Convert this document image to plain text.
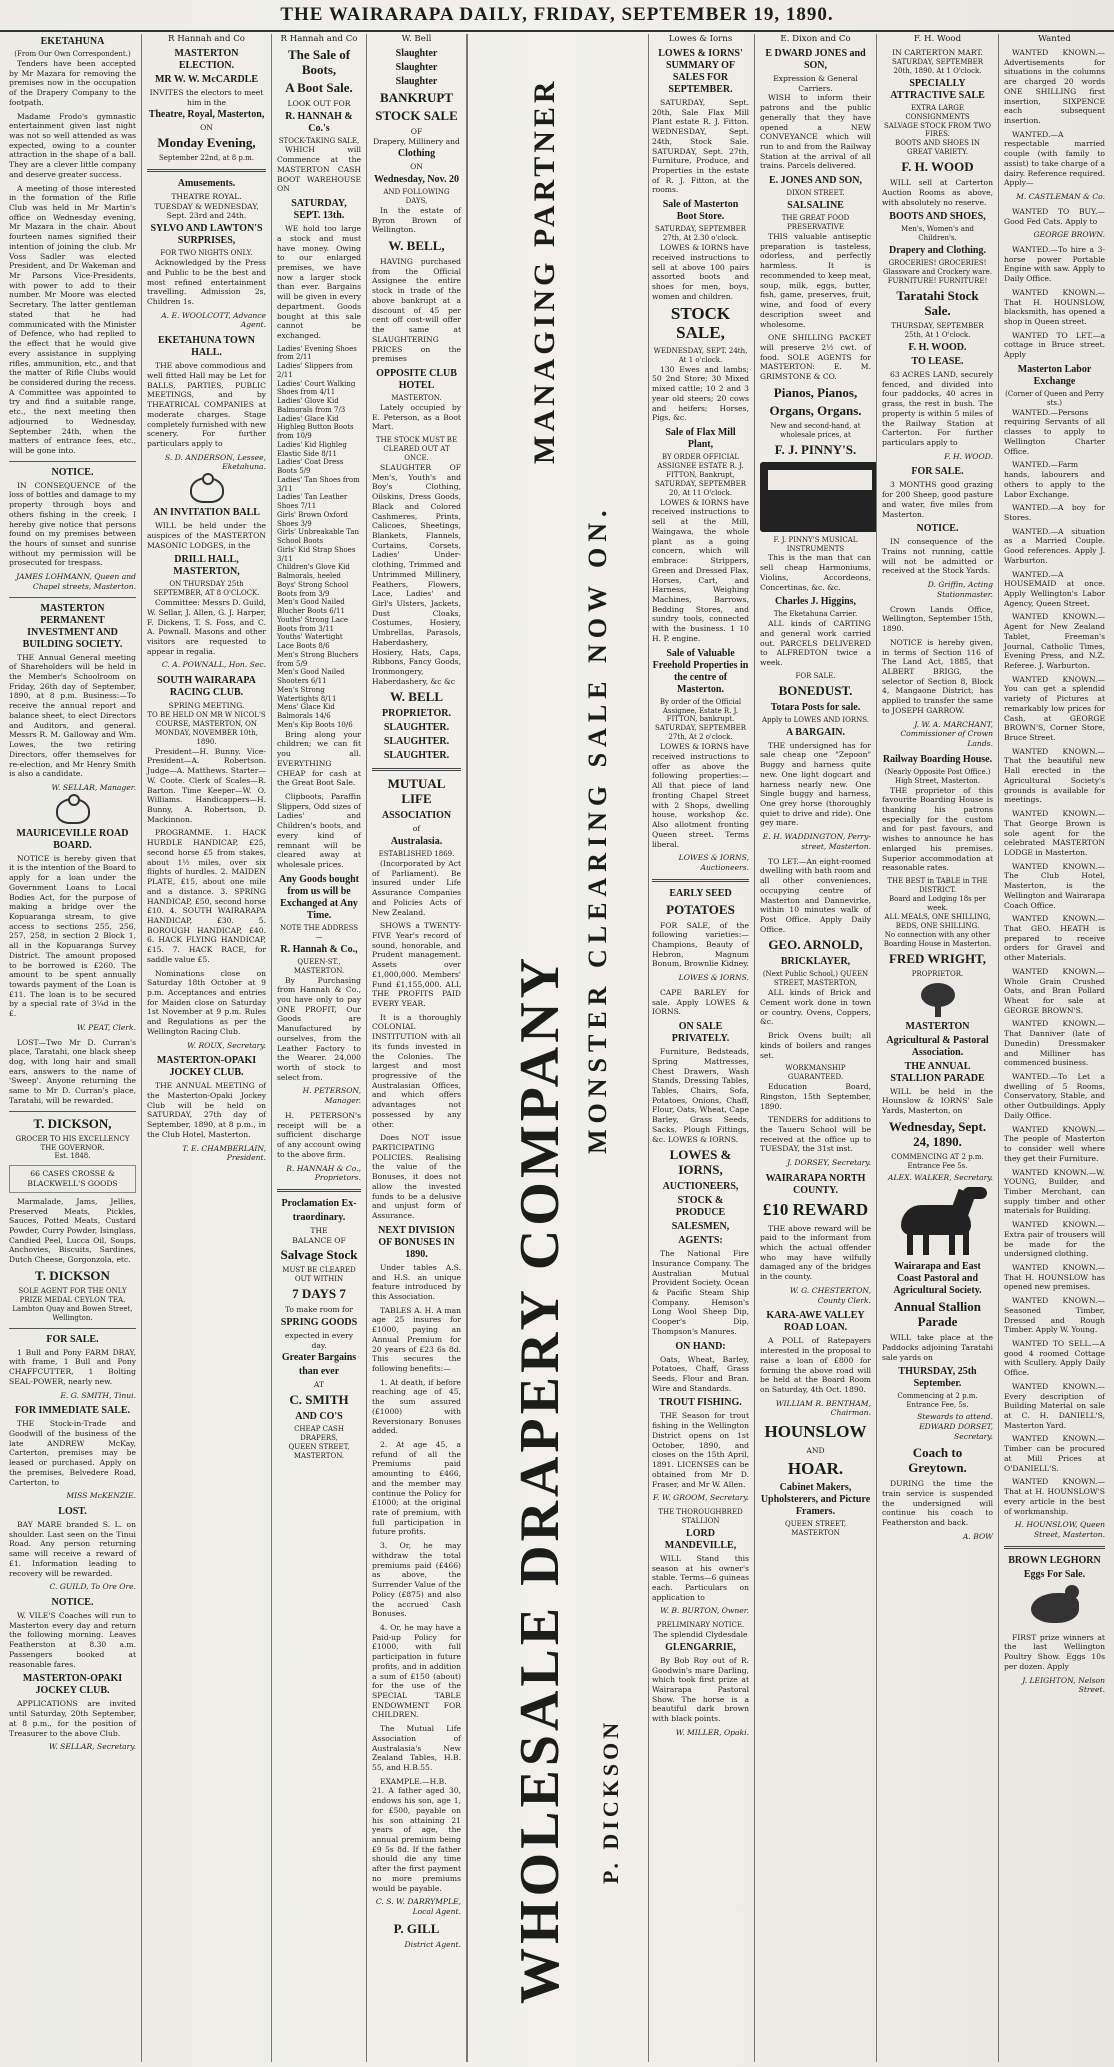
THE WAIRARAPA DAILY, FRIDAY, SEPTEMBER 19, 1890.
EKETAHUNA
(From Our Own Correspondent.)

Tenders have been accepted by Mr Mazara for removing the premises now in the occupation of the Drapery Company to the footpath.

Madame Frodo's gymnastic entertainment given last night was not so well attended as was expected, owing to a counter attraction in the shape of a ball. They are a clever little company and deserve greater success.

A meeting of those interested in the formation of the Rifle Club was held in Mr Martin's office on Wednesday evening, Mr Mazara in the chair. About fourteen names signified their intention of joining the club. Mr Voss Sadler was elected President, and Dr Wakeman and Mr Parsons Vice-Presidents, with power to add to their number. Mr Moore was elected Secretary. The latter gentleman stated that he had communicated with the Minister of Defence, who had replied to the effect that he would give every assistance in supplying rifles, ammunition, etc., and that the matter of Rifle Clubs would be considered during the recess. A Committee was appointed to try and find a suitable range, etc., the next meeting then adjourned to Wednesday, September 24th, when the matters of entrance fees, etc., will be gone into.

NOTICE.

IN CONSEQUENCE of the loss of bottles and damage to my property through boys and others fishing in the creek, I hereby give notice that persons found on my premises between the hours of sunset and sunrise without my permission will be prosecuted for trespass.

JAMES LOHMANN, Queen and Chapel streets, Masterton.
MASTERTON PERMANENT INVESTMENT AND BUILDING SOCIETY.

THE Annual General meeting of Shareholders will be held in the Member's Schoolroom on Friday, 26th day of September, 1890, at 8 p.m. Business:—To receive the annual report and balance sheet, to elect Directors and Auditors, and general. Messrs R. M. Galloway and Wm. Lowes, the two retiring Directors, offer themselves for re-election, and Mr Henry Smith is also a candidate.

W. SELLAR, Manager.
MAURICEVILLE ROAD BOARD.

NOTICE is hereby given that it is the intention of the Board to apply for a loan under the Government Loans to Local Bodies Act, for the purpose of making a bridge over the Kopuaranga stream, to give access to sections 255, 256, 257, 258, in section 2 Block 1, all in the Kopuaranga Survey District. The amount proposed to be borrowed is £260. The amount to be spent annually towards payment of the Loan is £11. The loan is to be secured by a special rate of 3¼d in the £.

W. PEAT, Clerk.

LOST—Two Mr D. Curran's place, Taratahi, one black sheep dog, with long hair and small ears, answers to the name of 'Sweep'. Anyone returning the same to Mr D. Curran's place, Taratahi, will be rewarded.

T. DICKSON,
GROCER TO HIS EXCELLENCY THE GOVERNOR.
Est. 1848.
66 CASES CROSSE & BLACKWELL'S GOODS

Marmalade, Jams, Jellies, Preserved Meats, Pickles, Sauces, Potted Meats, Custard Powder, Curry Powder, Isinglass, Candied Peel, Lucca Oil, Soups, Anchovies, Biscuits, Sardines, Dutch Cheese, Gorgonzola, etc.

T. DICKSON
SOLE AGENT FOR THE ONLY PRIZE MEDAL CEYLON TEA.
Lambton Quay and Bowen Street, Wellington.
FOR SALE.

1 Bull and Pony FARM DRAY, with frame, 1 Bull and Pony CHAFFCUTTER, 1 Bolting SEAL-POWER, nearly new.

E. G. SMITH, Tinui.
FOR IMMEDIATE SALE.

THE Stock-in-Trade and Goodwill of the business of the late ANDREW McKay, Carterton, premises may be leased or purchased. Apply on the premises, Belvedere Road, Carterton, to

MISS McKENZIE.
LOST.

BAY MARE branded S. L. on shoulder. Last seen on the Tinui Road. Any person returning same will receive a reward of £1. Information leading to recovery will be rewarded.

C. GUILD, To Ore Ore.
NOTICE.

W. VILE'S Coaches will run to Masterton every day and return the following morning. Leaves Featherston at 8.30 a.m. Passengers booked at reasonable fares.

MASTERTON-OPAKI JOCKEY CLUB.

APPLICATIONS are invited until Saturday, 20th September, at 8 p.m., for the position of Treasurer to the above Club.

W. SELLAR, Secretary.
R Hannah and Co
MASTERTON ELECTION.
MR W. W. McCARDLE
INVITES the electors to meet him in the
Theatre, Royal, Masterton,
ON
Monday Evening,
September 22nd, at 8 p.m.
Amusements.
THEATRE ROYAL.
TUESDAY & WEDNESDAY, Sept. 23rd and 24th.
SYLVO AND LAWTON'S SURPRISES,
FOR TWO NIGHTS ONLY.

Acknowledged by the Press and Public to be the best and most refined entertainment travelling. Admission 2s, Children 1s.

A. E. WOOLCOTT, Advance Agent.
EKETAHUNA TOWN HALL.

THE above commodious and well fitted Hall may be Let for BALLS, PARTIES, PUBLIC MEETINGS, and by THEATRICAL COMPANIES at moderate charges. Stage completely furnished with new scenery. For further particulars apply to

S. D. ANDERSON, Lessee, Eketahuna.
AN INVITATION BALL

WILL be held under the auspices of the MASTERTON MASONIC LODGES, in the

DRILL HALL, MASTERTON,
ON THURSDAY 25th SEPTEMBER, AT 8 O'CLOCK.

Committee: Messrs D. Guild, W. Sellar, J. Allen, G. J. Harper, F. Dickens, T. S. Foss, and C. A. Pownall. Masons and other visitors are requested to appear in regalia.

C. A. POWNALL, Hon. Sec.
SOUTH WAIRARAPA RACING CLUB.
SPRING MEETING.
TO BE HELD ON MR W NICOL'S COURSE, MASTERTON, ON MONDAY, NOVEMBER 10th, 1890.

President—H. Bunny. Vice-President—A. Robertson. Judge—A. Matthews. Starter—W. Coote. Clerk of Scales—R. Barton. Time Keeper—W. O. Williams. Handicappers—H. Bunny, A. Robertson, D. Mackinnon.

PROGRAMME. 1. HACK HURDLE HANDICAP, £25, second horse £5 from stakes, about 1½ miles, over six flights of hurdles. 2. MAIDEN PLATE, £15, about one mile and a distance. 3. SPRING HANDICAP, £50, second horse £10. 4. SOUTH WAIRARAPA HANDICAP, £30. 5. BOROUGH HANDICAP, £40. 6. HACK FLYING HANDICAP, £15. 7. HACK RACE, for saddle value £5.

Nominations close on Saturday 18th October at 9 p.m. Acceptances and entries for Maiden close on Saturday 1st November at 9 p.m. Rules and Regulations as per the Wellington Racing Club.

W. ROUX, Secretary.
MASTERTON-OPAKI JOCKEY CLUB.

THE ANNUAL MEETING of the Masterton-Opaki Jockey Club will be held on SATURDAY, 27th day of September, 1890, at 8 p.m., in the Club Hotel, Masterton.

T. E. CHAMBERLAIN, President.
R Hannah and Co
The Sale of Boots,
A Boot Sale.
LOOK OUT FOR
R. HANNAH & Co.'s
STOCK-TAKING SALE,

WHICH will Commence at the MASTERTON CASH BOOT WAREHOUSE ON

SATURDAY, SEPT. 13th.

WE hold too large a stock and must have money. Owing to our enlarged premises, we have now a larger stock than ever. Bargains will be given in every department. Goods bought at this sale cannot be exchanged.

Ladies' Evening Shoes from 2/11
Ladies' Slippers from 2/11
Ladies' Court Walking Shoes from 4/11
Ladies' Glove Kid Balmorals from 7/3
Ladies' Glace Kid Highleg Button Boots from 10/9
Ladies' Kid Highleg Elastic Side 8/11
Ladies' Coat Dress Boots 5/9
Ladies' Tan Shoes from 3/11
Ladies' Tan Leather Shoes 7/11
Girls' Brown Oxford Shoes 3/9
Girls' Unbreakable Tan School Boots
Girls' Kid Strap Shoes 3/11
Children's Glove Kid Balmorals, heeled
Boys' Strong School Boots from 3/9
Men's Good Nailed Blucher Boots 6/11
Youths' Strong Lace Boots from 3/11
Youths' Watertight Lace Boots 8/6
Men's Strong Bluchers from 5/9
Men's Good Nailed Shooters 6/11
Men's Strong Watertights 8/11
Mens' Glace Kid Balmorals 14/6
Men's Kip Boots 10/6

Bring along your children; we can fit you all. EVERYTHING CHEAP for cash at the Great Boot Sale.

Clipboots, Paraffin Slippers, Odd sizes of Ladies' and Children's boots, and every kind of remnant will be cleared away at wholesale prices.

Any Goods bought from us will be Exchanged at Any Time.
NOTE THE ADDRESS—
R. Hannah & Co.,
QUEEN-ST., MASTERTON.

By Purchasing from Hannah & Co., you have only to pay ONE PROFIT, Our Goods are Manufactured by ourselves, from the Leather Factory to the Wearer. 24,000 worth of stock to select from.

H. PETERSON, Manager.

H. PETERSON's receipt will be a sufficient discharge of any account owing to the above firm.

R. HANNAH & Co., Proprietors.
Proclamation Ex-
traordinary.
THE
BALANCE OF
Salvage Stock
MUST BE CLEARED OUT WITHIN
7 DAYS 7
To make room for
SPRING GOODS
expected in every day.
Greater Bargains
than ever
AT
C. SMITH
AND CO'S
CHEAP CASH DRAPERS,
QUEEN STREET,
MASTERTON.
W. Bell
Slaughter
Slaughter
Slaughter
BANKRUPT
STOCK SALE
OF
Drapery, Millinery and
Clothing
ON
Wednesday, Nov. 20
AND FOLLOWING DAYS,

In the estate of Byron Brown of Wellington.

W. BELL,

HAVING purchased from the Official Assignee the entire stock in trade of the above bankrupt at a discount of 45 per cent off cost-will offer the same at SLAUGHTERING PRICES on the premises

OPPOSITE CLUB HOTEL
MASTERTON.

Lately occupied by E. Peterson, as a Boot Mart.

THE STOCK MUST BE CLEARED OUT AT ONCE.

SLAUGHTER OF Men's, Youth's and Boy's Clothing, Oilskins, Dress Goods, Black and Colored Cashmeres, Prints, Calicoes, Sheetings, Blankets, Flannels, Curtains, Corsets, Ladies' Under-clothing, Trimmed and Untrimmed Millinery, Feathers, Flowers, Lace, Ladies' and Girl's Ulsters, Jackets, Dust Cloaks, Costumes, Hosiery, Umbrellas, Parasols, Haberdashery, Hosiery, Hats, Caps, Ribbons, Fancy Goods, Ironmongery, Haberdashery, &c &c

W. BELL
PROPRIETOR.
SLAUGHTER.
SLAUGHTER.
SLAUGHTER.
MUTUAL LIFE
ASSOCIATION
of
Australasia.
ESTABLISHED 1869.

(Incorporated by Act of Parliament). Be insured under Life Assurance Companies and Policies Acts of New Zealand.

SHOWS a TWENTY-FIVE Year's record of sound, honorable, and Prudent management. Assets over £1,000,000. Members' Fund £1,155,000. ALL THE PROFITS PAID EVERY YEAR.

It is a thoroughly COLONIAL INSTITUTION with all its funds invested in the Colonies. The largest and most progressive of the Australasian Offices, and which offers advantages not possessed by any other.

Does NOT issue PARTICIPATING POLICIES. Realising the value of the Bonuses, it does not allow the invested funds to be a delusive and unjust form of Assurance.

NEXT DIVISION OF BONUSES IN 1890.

Under tables A.S. and H.S. an unique feature introduced by this Association.

TABLES A. H. A man age 25 insures for £1000, paying an Annual Premium for 20 years of £23 6s 8d. This secures the following benefits:—

1. At death, if before reaching age of 45, the sum assured (£1000) with Reversionary Bonuses added.

2. At age 45, a refund of all the Premiums paid amounting to £466, and the member may continue the Policy for £1000; at the original rate of premium, with full participation in future profits.

3. Or, he may withdraw the total premiums paid (£466) as above, the Surrender Value of the Policy (£875) and also the accrued Cash Bonuses.

4. Or, he may have a Paid-up Policy for £1000, with full participation in future profits, and in addition a sum of £150 (about) for the use of the SPECIAL TABLE ENDOWMENT FOR CHILDREN.

The Mutual Life Association of Australasia's New Zealand Tables, H.B. 55, and H.B.55.

EXAMPLE.—H.B. 21. A father aged 30, endows his son, age 1, for £500, payable on his son attaining 21 years of age, the annual premium being £9 5s 8d. If the father should die any time after the first payment no more premiums would be payable.

C. S. W. DARRYMPLE, Local Agent.
P. GILL
District Agent.
MANAGING PARTNER
WHOLESALE DRAPERY COMPANY
MONSTER CLEARING SALE NOW ON.
P. DICKSON
Lowes & Iorns
LOWES & IORNS' SUMMARY OF SALES FOR SEPTEMBER.

SATURDAY, Sept. 20th, Sale Flax Mill Plant estate R. J. Fitton. WEDNESDAY, Sept. 24th, Stock Sale. SATURDAY, Sept. 27th, Furniture, Produce, and Properties in the estate of R. J. Fitton, at the rooms.

Sale of Masterton Boot Store.
SATURDAY, SEPTEMBER 27th, At 2.30 o'clock.

LOWES & IORNS have received instructions to sell at above 100 pairs assorted boots and shoes for men, boys, women and children.

STOCK SALE,
WEDNESDAY, SEPT. 24th, At 1 o'clock.

130 Ewes and lambs; 50 2nd Store; 30 Mixed mixed cattle; 10 2 and 3 year old steers; 20 cows and heifers; Horses, Pigs, &c.

Sale of Flax Mill Plant,
BY ORDER OFFICIAL ASSIGNEE ESTATE R. J. FITTON, Bankrupt,
SATURDAY, SEPTEMBER 20, At 11 O'clock.

LOWES & IORNS have received instructions to sell at the Mill, Waingawa, the whole plant as a going concern, which will embrace: Strippers, Green and Dressed Flax, Horses, Cart, and Harness, Weighing Machines, Barrows, Bedding Stores, and sundry tools, connected with the business. 1 10 H. P. engine.

Sale of Valuable Freehold Properties in the centre of Masterton.
By order of the Official Assignee, Estate R. J. FITTON, bankrupt.
SATURDAY, SEPTEMBER 27th, At 2 o'clock.

LOWES & IORNS have received instructions to offer as above the following properties:—All that piece of land fronting Chapel Street with 2 Shops, dwelling house, workshop &c. Also allotment fronting Queen street. Terms liberal.

LOWES & IORNS, Auctioneers.
EARLY SEED
POTATOES

FOR SALE, of the following varieties:— Champions, Beauty of Hebron, Magnum Bonum, Brownlie Kidney.

LOWES & IORNS.

CAPE BARLEY for sale. Apply LOWES & IORNS.

ON SALE PRIVATELY.

Furniture, Bedsteads, Spring Mattresses, Chest Drawers, Wash Stands, Dressing Tables, Tables, Chairs, Sofa, Potatoes, Onions, Chaff, Flour, Oats, Wheat, Cape Barley, Grass Seeds, Sacks, Plough Fittings, &c. LOWES & IORNS.

LOWES & IORNS,
AUCTIONEERS,
STOCK & PRODUCE
SALESMEN,
AGENTS:

The National Fire Insurance Company. The Australian Mutual Provident Society. Ocean & Pacific Steam Ship Company. Hemson's Long Wool Sheep Dip, Cooper's Dip, Thompson's Manures.

ON HAND:

Oats, Wheat, Barley, Potatoes, Chaff, Grass Seeds, Flour and Bran. Wire and Standards.

TROUT FISHING.

THE Season for trout fishing in the Wellington District opens on 1st October, 1890, and closes on the 15th April, 1891. LICENSES can be obtained from Mr D. Fraser, and Mr W. Allen.

F. W. GROOM, Secretary.
THE THOROUGHBRED STALLION
LORD MANDEVILLE,

WILL Stand this season at his owner's stable. Terms—6 guineas each. Particulars on application to

W. B. BURTON, Owner.
PRELIMINARY NOTICE.
The splendid Clydesdale
GLENGARRIE,

By Bob Roy out of R. Goodwin's mare Darling, which took first prize at Wairarapa Pastoral Show. The horse is a beautiful dark brown with black points.

W. MILLER, Opaki.
E. Dixon and Co
E DWARD JONES and SON,
Expression & General Carriers.

WISH to inform their patrons and the public generally that they have opened a NEW CONVEYANCE which will run to and from the Railway Station at the arrival of all trains. Parcels delivered.

E. JONES AND SON,
DIXON STREET.
SALSALINE
THE GREAT FOOD PRESERVATIVE

THIS valuable antiseptic preparation is tasteless, odorless, and perfectly harmless. It is recommended to keep meat, soup, milk, eggs, butter, fish, game, preserves, fruit, wine, and food of every description sweet and wholesome.

ONE SHILLING PACKET will preserve 2½ cwt. of food. SOLE AGENTS for MASTERTON: E. M. GRIMSTONE & CO.

Pianos, Pianos,
Organs, Organs.
New and second-hand, at wholesale prices, at
F. J. PINNY'S.
F. J. PINNY'S MUSICAL INSTRUMENTS

This is the man that can sell cheap Harmoniums, Violins, Accordeons, Concertinas, &c. &c.

Charles J. Higgins,
The Eketahuna Carrier.

ALL kinds of CARTING and general work carried out. PARCELS DELIVERED to ALFREDTON twice a week.

FOR SALE.
BONEDUST.
Totara Posts for sale.
Apply to LOWES AND IORNS.
A BARGAIN.

THE undersigned has for sale cheap one "Zepoon" Buggy and harness quite new. One light dogcart and harness nearly new. One Single buggy and harness, One grey horse (thoroughly quiet to drive and ride). One gey mare.

E. H. WADDINGTON, Perry-street, Masterton.

TO LET.—An eight-roomed dwelling with bath room and all other conveniences, occupying centre of Masterton and Dannevirke, within 10 minutes walk of Post Office. Apply Daily Office.

GEO. ARNOLD,
BRICKLAYER,
(Next Public School,) QUEEN STREET, MASTERTON,

ALL kinds of Brick and Cement work done in town or country. Ovens, Coppers, &c.

Brick Ovens built; all kinds of boilers and ranges set.

WORKMANSHIP GUARANTEED.

Education Board, Ringston, 15th September, 1890.

TENDERS for additions to the Taueru School will be received at the office up to TUESDAY, the 31st inst.

J. DORSEY, Secretary.
WAIRARAPA NORTH COUNTY.
£10 REWARD

THE above reward will be paid to the informant from which the actual offender who may have wilfully damaged any of the bridges in the county.

W. G. CHESTERTON, County Clerk.
KARA-AWE VALLEY ROAD LOAN.

A POLL of Ratepayers interested in the proposal to raise a loan of £800 for forming the above road will be held at the Board Room on Saturday, 4th Oct. 1890.

WILLIAM R. BENTHAM, Chairman.
HOUNSLOW
AND
HOAR.
Cabinet Makers, Upholsterers, and Picture Framers.
QUEEN STREET, MASTERTON
F. H. Wood
IN CARTERTON MART.
SATURDAY, SEPTEMBER 20th, 1890. At 1 O'clock.
SPECIALLY ATTRACTIVE SALE
EXTRA LARGE CONSIGNMENTS
SALVAGE STOCK FROM TWO FIRES.
BOOTS AND SHOES IN GREAT VARIETY.
F. H. WOOD

WILL sell at Carterton Auction Rooms as above, with absolutely no reserve.

BOOTS AND SHOES,
Men's, Women's and Children's.
Drapery and Clothing.
GROCERIES! GROCERIES!
Glassware and Crockery ware.
FURNITURE! FURNITURE!
Taratahi Stock Sale.
THURSDAY, SEPTEMBER 25th, At 1 O'clock.
F. H. WOOD.
TO LEASE.

63 ACRES LAND, securely fenced, and divided into four paddocks, 40 acres in grass, the rest in bush. The property is within 5 miles of the Railway Station at Carterton. For further particulars apply to

F. H. WOOD.
FOR SALE.

3 MONTHS good grazing for 200 Sheep, good pasture and water, five miles from Masterton.

NOTICE.

IN consequence of the Trains not running, cattle will not be admitted or received at the Stock Yards.

D. Griffin, Acting Stationmaster.

Crown Lands Office, Wellington, September 15th, 1890.

NOTICE is hereby given, in terms of Section 116 of The Land Act, 1885, that ALBERT BRIGG, the selector of Section 8, Block 4, Mangaone District, has applied to transfer the same to JOSEPH GARROW.

J. W. A. MARCHANT, Commissioner of Crown Lands.
Railway Boarding House.
(Nearly Opposite Post Office.)
High Street, Masterton.

THE proprietor of this favourite Boarding House is thanking his patrons especially for the custom and for past favours, and wishes to announce he has enlarged his premises. Superior accommodation at reasonable rates.

THE BEST in TABLE in THE DISTRICT.
Board and Lodging 18s per week.
ALL MEALS, ONE SHILLING, BEDS, ONE SHILLING.
No connection with any other Boarding House in Masterton.
FRED WRIGHT,
PROPRIETOR.
MASTERTON
Agricultural & Pastoral Association.
THE ANNUAL STALLION PARADE

WILL be held in the Hounslow & IORNS' Sale Yards, Masterton, on

Wednesday, Sept. 24, 1890.
COMMENCING AT 2 p.m. Entrance Fee 5s.
ALEX. WALKER, Secretary.
Wairarapa and East Coast Pastoral and Agricultural Society.
Annual Stallion Parade

WILL take place at the Paddocks adjoining Taratahi sale yards on

THURSDAY, 25th September.
Commencing at 2 p.m. Entrance Fee, 5s.
Stewards to attend. EDWARD DORSET, Secretary.
Coach to Greytown.

DURING the time the train service is suspended the undersigned will continue his coach to Featherston and back.

A. BOW
Wanted

WANTED KNOWN.—Advertisements for situations in the columns are charged 20 words ONE SHILLING first insertion, SIXPENCE each subsequent insertion.

WANTED.—A respectable married couple (with family to assist) to take charge of a dairy. Reference required. Apply—

M. CASTLEMAN & Co.

WANTED TO BUY.—Good Fed Cats. Apply to

GEORGE BROWN.

WANTED.—To hire a 3-horse power Portable Engine with saw. Apply to Daily Office.

WANTED KNOWN.—That H. HOUNSLOW, blacksmith, has opened a shop in Queen street.

WANTED TO LET.—a cottage in Bruce street. Apply

Masterton Labor Exchange
(Corner of Queen and Perry sts.)

WANTED.—Persons requiring Servants of all classes to apply to Wellington Charter Office.

WANTED.—Farm hands, labourers and others to apply to the Labor Exchange.

WANTED.—A boy for Stores.

WANTED.—A situation as a Married Couple. Good references. Apply J. Warburton.

WANTED.—A HOUSEMAID at once. Apply Wellington's Labor Agency, Queen Street.

WANTED KNOWN.—Agent for New Zealand Tablet, Freeman's Journal, Catholic Times, Evening Press, and N.Z. Referee. J. Warburton.

WANTED KNOWN.—You can get a splendid variety of Pictures at remarkably low prices for Cash, at GEORGE BROWN'S, Corner Store, Bruce Street.

WANTED KNOWN.—That the beautiful new Hall erected in the Agricultural Society's grounds is available for meetings.

WANTED KNOWN.—That George Brown is sole agent for the celebrated MASTERTON LODGE in Masterton.

WANTED KNOWN.—The Club Hotel, Masterton, is the Wellington and Wairarapa Coach Office.

WANTED KNOWN.—That GEO. HEATH is prepared to receive orders for Gravel and other Materials.

WANTED KNOWN.—Whole Grain Crushed Oats, and Bran Pollard Wheat for sale at GEORGE BROWN'S.

WANTED KNOWN.—That Danniver (late of Dunedin) Dressmaker and Milliner has commenced business.

WANTED.—To Let a dwelling of 5 Rooms, Conservatory, Stable, and other Outbuildings. Apply Daily Office.

WANTED KNOWN.—The people of Masterton to consider well where they get their Furniture.

WANTED KNOWN.—W. YOUNG, Builder, and Timber Merchant, can supply timber and other materials for Building.

WANTED KNOWN.—Extra pair of trousers will be made for the undersigned clothing.

WANTED KNOWN.—That H. HOUNSLOW has opened new premises.

WANTED KNOWN.—Seasoned Timber, Dressed and Rough Timber. Apply W. Young.

WANTED TO SELL.—A good 4 roomed Cottage with Scullery. Apply Daily Office.

WANTED KNOWN.—Every description of Building Material on sale at C. H. DANIELL'S, Masterton Yard.

WANTED KNOWN.—Timber can be procured at Mill Prices at O'DANIELL'S.

WANTED KNOWN.—That at H. HOUNSLOW'S every article in the best of workmanship.

H. HOUNSLOW, Queen Street, Masterton.
BROWN LEGHORN
Eggs For Sale.

FIRST prize winners at the last Wellington Poultry Show. Eggs 10s per dozen. Apply

J. LEIGHTON, Nelson Street.
